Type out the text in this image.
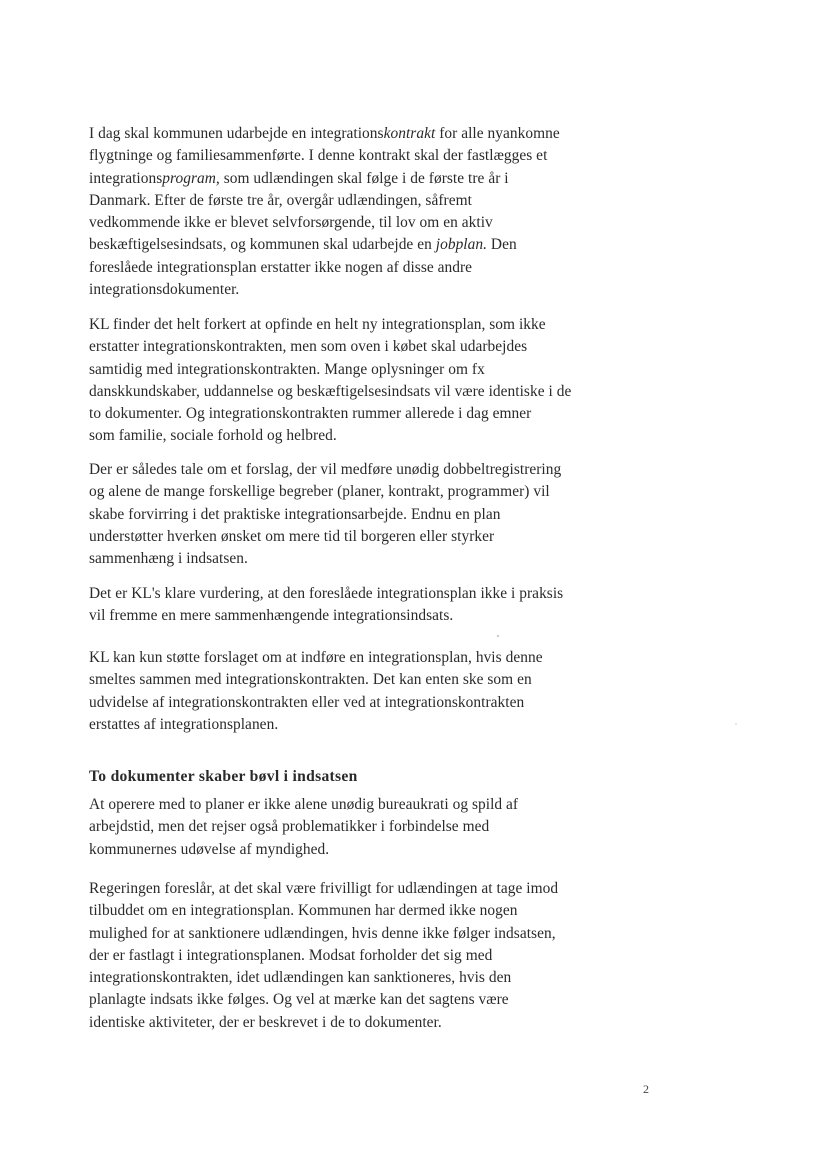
I dag skal kommunen udarbejde en integrationskontrakt for alle nyankomne
flygtninge og familiesammenførte. I denne kontrakt skal der fastlægges et
integrationsprogram, som udlændingen skal følge i de første tre år i
Danmark. Efter de første tre år, overgår udlændingen, såfremt
vedkommende ikke er blevet selvforsørgende, til lov om en aktiv
beskæftigelsesindsats, og kommunen skal udarbejde en jobplan. Den
foreslåede integrationsplan erstatter ikke nogen af disse andre
integrationsdokumenter.
KL finder det helt forkert at opfinde en helt ny integrationsplan, som ikke
erstatter integrationskontrakten, men som oven i købet skal udarbejdes
samtidig med integrationskontrakten. Mange oplysninger om fx
danskkundskaber, uddannelse og beskæftigelsesindsats vil være identiske i de
to dokumenter. Og integrationskontrakten rummer allerede i dag emner
som familie, sociale forhold og helbred.
Der er således tale om et forslag, der vil medføre unødig dobbeltregistrering
og alene de mange forskellige begreber (planer, kontrakt, programmer) vil
skabe forvirring i det praktiske integrationsarbejde. Endnu en plan
understøtter hverken ønsket om mere tid til borgeren eller styrker
sammenhæng i indsatsen.
Det er KL's klare vurdering, at den foreslåede integrationsplan ikke i praksis
vil fremme en mere sammenhængende integrationsindsats.
KL kan kun støtte forslaget om at indføre en integrationsplan, hvis denne
smeltes sammen med integrationskontrakten. Det kan enten ske som en
udvidelse af integrationskontrakten eller ved at integrationskontrakten
erstattes af integrationsplanen.
To dokumenter skaber bøvl i indsatsen
At operere med to planer er ikke alene unødig bureaukrati og spild af
arbejdstid, men det rejser også problematikker i forbindelse med
kommunernes udøvelse af myndighed.
Regeringen foreslår, at det skal være frivilligt for udlændingen at tage imod
tilbuddet om en integrationsplan. Kommunen har dermed ikke nogen
mulighed for at sanktionere udlændingen, hvis denne ikke følger indsatsen,
der er fastlagt i integrationsplanen. Modsat forholder det sig med
integrationskontrakten, idet udlændingen kan sanktioneres, hvis den
planlagte indsats ikke følges. Og vel at mærke kan det sagtens være
identiske aktiviteter, der er beskrevet i de to dokumenter.
2
